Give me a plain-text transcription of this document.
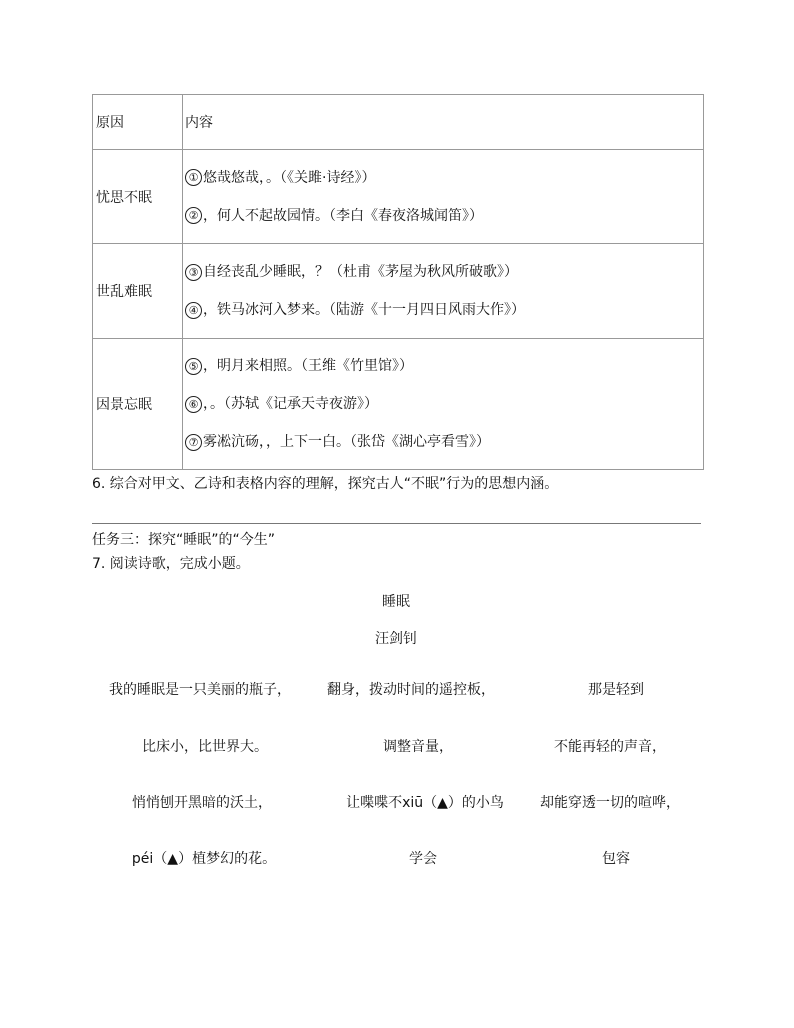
原因	内容
忧思不眠	① 悠哉悠哉，。（《关雎·诗经》）
② ，何人不起故园情。（李白《春夜洛城闻笛》）

世乱难眠	③ 自经丧乱少睡眠，？（杜甫《茅屋为秋风所破歌》）
④ ，铁马冰河入梦来。（陆游《十一月四日风雨大作》）

因景忘眠	⑤ ，明月来相照。（王维《竹里馆》）
⑥ ，。（苏轼《记承天寺夜游》）
⑦ 雾凇沆砀，，上下一白。（张岱《湖心亭看雪》）
6. 综合对甲文、乙诗和表格内容的理解，探究古人“不眠”行为的思想内涵。
任务三：探究“睡眠”的“今生”
7. 阅读诗歌，完成小题。
睡眠
汪剑钊
我的睡眠是一只美丽的瓶子，
比床小，比世界大。
悄悄刨开黑暗的沃土，
péi（▲）植梦幻的花。
翻身，拨动时间的遥控板，
调整音量，
让喋喋不xiū（▲）的小鸟
学会
那是轻到
不能再轻的声音，
却能穿透一切的喧哗，
包容
